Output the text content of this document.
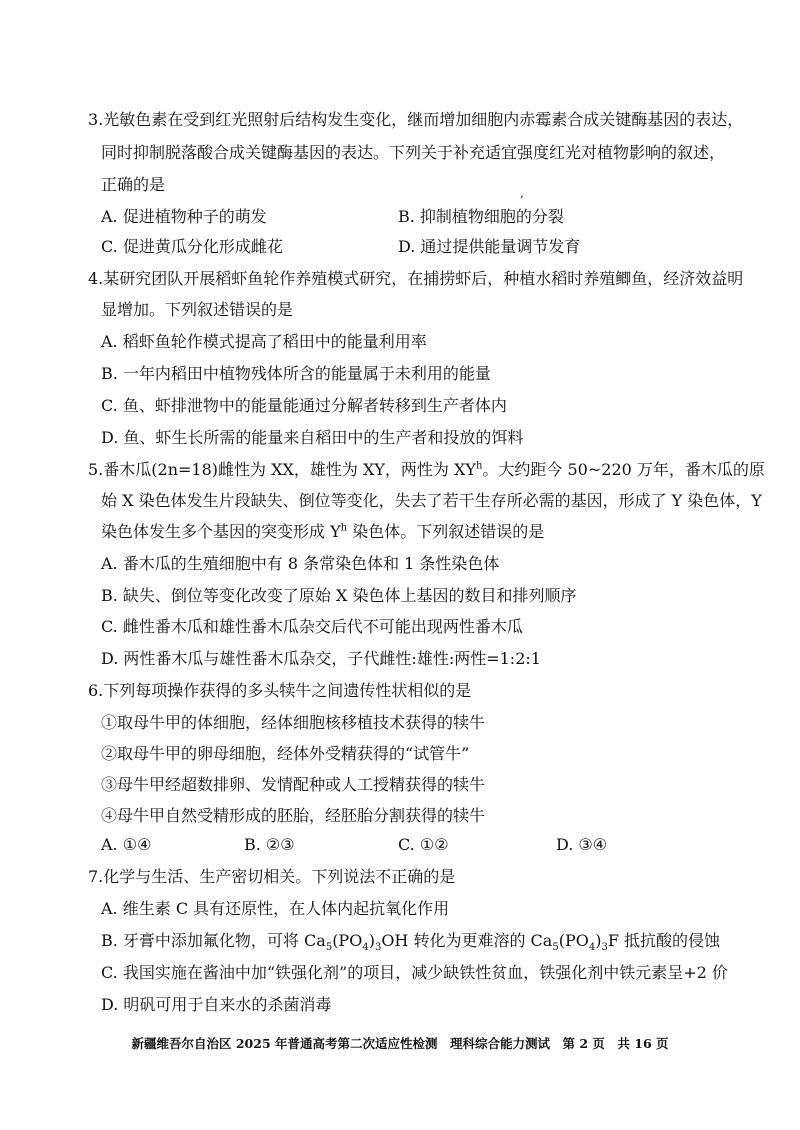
3.光敏色素在受到红光照射后结构发生变化，继而增加细胞内赤霉素合成关键酶基因的表达，
同时抑制脱落酸合成关键酶基因的表达。下列关于补充适宜强度红光对植物影响的叙述，
正确的是	,
A. 促进植物种子的萌发	B. 抑制植物细胞的分裂
C. 促进黄瓜分化形成雌花	D. 通过提供能量调节发育
4.某研究团队开展稻虾鱼轮作养殖模式研究，在捕捞虾后，种植水稻时养殖鲫鱼，经济效益明
显增加。下列叙述错误的是
A. 稻虾鱼轮作模式提高了稻田中的能量利用率
B. 一年内稻田中植物残体所含的能量属于未利用的能量
C. 鱼、虾排泄物中的能量能通过分解者转移到生产者体内
D. 鱼、虾生长所需的能量来自稻田中的生产者和投放的饵料
5.番木瓜(2n=18)雌性为 XX，雄性为 XY，两性为 $XY^h$。大约距今 50~220 万年，番木瓜的原
始 X 染色体发生片段缺失、倒位等变化，失去了若干生存所必需的基因，形成了 Y 染色体，Y
染色体发生多个基因的突变形成 $Y^h$ 染色体。下列叙述错误的是
A. 番木瓜的生殖细胞中有 8 条常染色体和 1 条性染色体
B. 缺失、倒位等变化改变了原始 X 染色体上基因的数目和排列顺序
C. 雌性番木瓜和雄性番木瓜杂交后代不可能出现两性番木瓜
D. 两性番木瓜与雄性番木瓜杂交，子代雌性:雄性:两性=1:2:1
6.下列每项操作获得的多头犊牛之间遗传性状相似的是
①取母牛甲的体细胞，经体细胞核移植技术获得的犊牛
②取母牛甲的卵母细胞，经体外受精获得的“试管牛”
③母牛甲经超数排卵、发情配种或人工授精获得的犊牛
④母牛甲自然受精形成的胚胎，经胚胎分割获得的犊牛
A. ①④	B. ②③	C. ①②	D. ③④
7.化学与生活、生产密切相关。下列说法不正确的是
A. 维生素 C 具有还原性，在人体内起抗氧化作用
B. 牙膏中添加氟化物，可将 $Ca_5(PO_4)_3OH$ 转化为更难溶的 $Ca_5(PO_4)_3F$ 抵抗酸的侵蚀
C. 我国实施在酱油中加“铁强化剂”的项目，减少缺铁性贫血，铁强化剂中铁元素呈+2 价
D. 明矾可用于自来水的杀菌消毒
新疆维吾尔自治区 2025 年普通高考第二次适应性检测　理科综合能力测试　第 2 页　共 16 页
